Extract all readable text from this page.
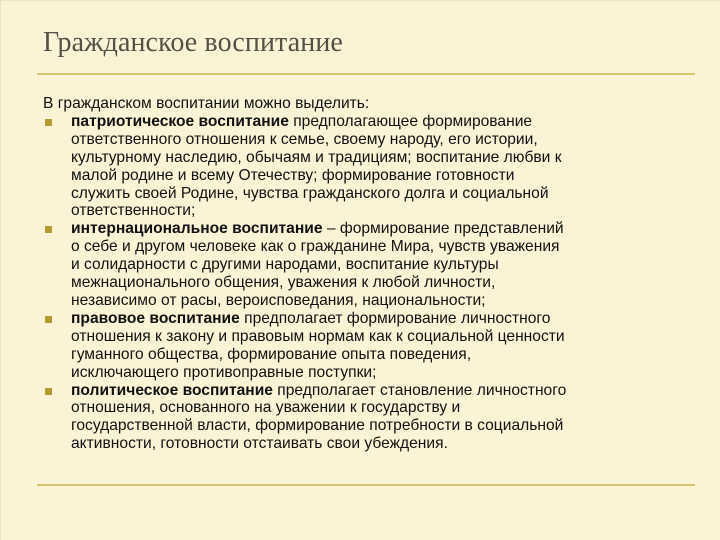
Гражданское воспитание

В гражданском воспитании можно выделить:

патриотическое воспитание предполагающее формирование
ответственного отношения к семье, своему народу, его истории,
культурному наследию, обычаям и традициям; воспитание любви к
малой родине и всему Отечеству; формирование готовности
служить своей Родине, чувства гражданского долга и социальной
ответственности;
интернациональное воспитание – формирование представлений
о себе и другом человеке как о гражданине Мира, чувств уважения
и солидарности с другими народами, воспитание культуры
межнационального общения, уважения к любой личности,
независимо от расы, вероисповедания, национальности;
правовое воспитание предполагает формирование личностного
отношения к закону и правовым нормам как к социальной ценности
гуманного общества, формирование опыта поведения,
исключающего противоправные поступки;
политическое воспитание предполагает становление личностного
отношения, основанного на уважении к государству и
государственной власти, формирование потребности в социальной
активности, готовности отстаивать свои убеждения.
